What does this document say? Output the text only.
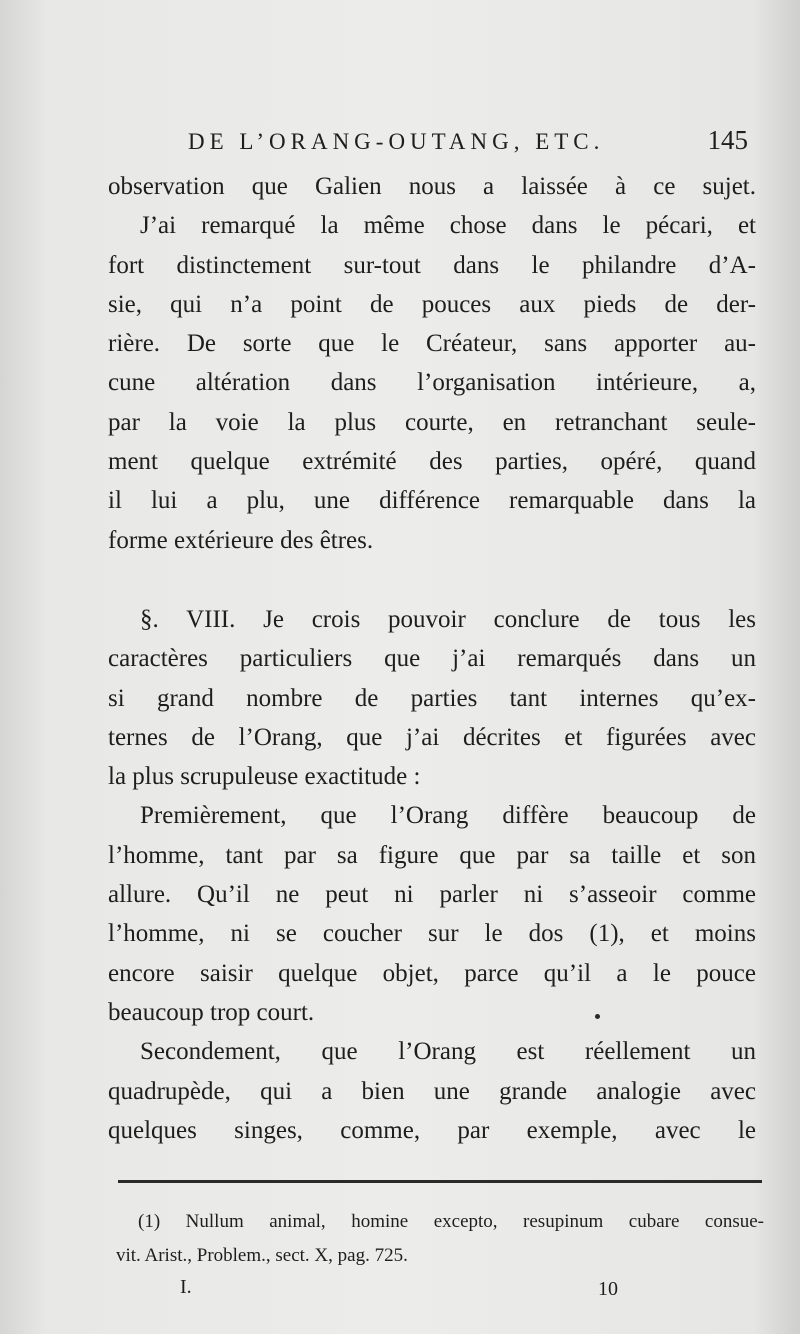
DE L’ORANG-OUTANG, ETC.	145
observation que Galien nous a laissée à ce sujet.
J’ai remarqué la même chose dans le pécari, et
fort distinctement sur-tout dans le philandre d’A-
sie, qui n’a point de pouces aux pieds de der-
rière. De sorte que le Créateur, sans apporter au-
cune altération dans l’organisation intérieure, a,
par la voie la plus courte, en retranchant seule-
ment quelque extrémité des parties, opéré, quand
il lui a plu, une différence remarquable dans la
forme extérieure des êtres.
§. VIII. Je crois pouvoir conclure de tous les
caractères particuliers que j’ai remarqués dans un
si grand nombre de parties tant internes qu’ex-
ternes de l’Orang, que j’ai décrites et figurées avec
la plus scrupuleuse exactitude :
Premièrement, que l’Orang diffère beaucoup de
l’homme, tant par sa figure que par sa taille et son
allure. Qu’il ne peut ni parler ni s’asseoir comme
l’homme, ni se coucher sur le dos (1), et moins
encore saisir quelque objet, parce qu’il a le pouce
beaucoup trop court.
Secondement, que l’Orang est réellement un
quadrupède, qui a bien une grande analogie avec
quelques singes, comme, par exemple, avec le
(1) Nullum animal, homine excepto, resupinum cubare consue-
vit. Arist., Problem., sect. X, pag. 725.
I.	10
